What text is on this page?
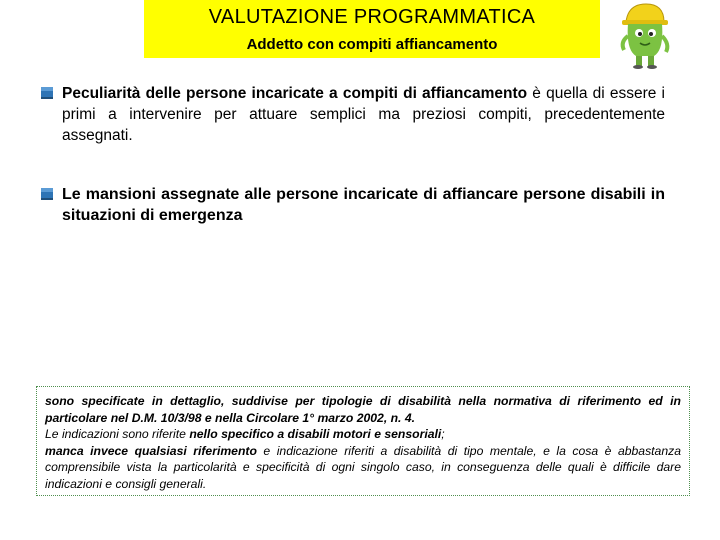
VALUTAZIONE PROGRAMMATICA
Addetto con compiti affiancamento
Peculiarità delle persone incaricate a compiti di affiancamento è quella di essere i primi a intervenire per attuare semplici ma preziosi compiti, precedentemente assegnati.
Le mansioni assegnate alle persone incaricate di affiancare persone disabili in situazioni di emergenza
sono specificate in dettaglio, suddivise per tipologie di disabilità nella normativa di riferimento ed in particolare nel D.M. 10/3/98 e nella Circolare 1° marzo 2002, n. 4.
Le indicazioni sono riferite nello specifico a disabili motori e sensoriali;
manca invece qualsiasi riferimento e indicazione riferiti a disabilità di tipo mentale, e la cosa è abbastanza comprensibile vista la particolarità e specificità di ogni singolo caso, in conseguenza delle quali è difficile dare indicazioni e consigli generali.
